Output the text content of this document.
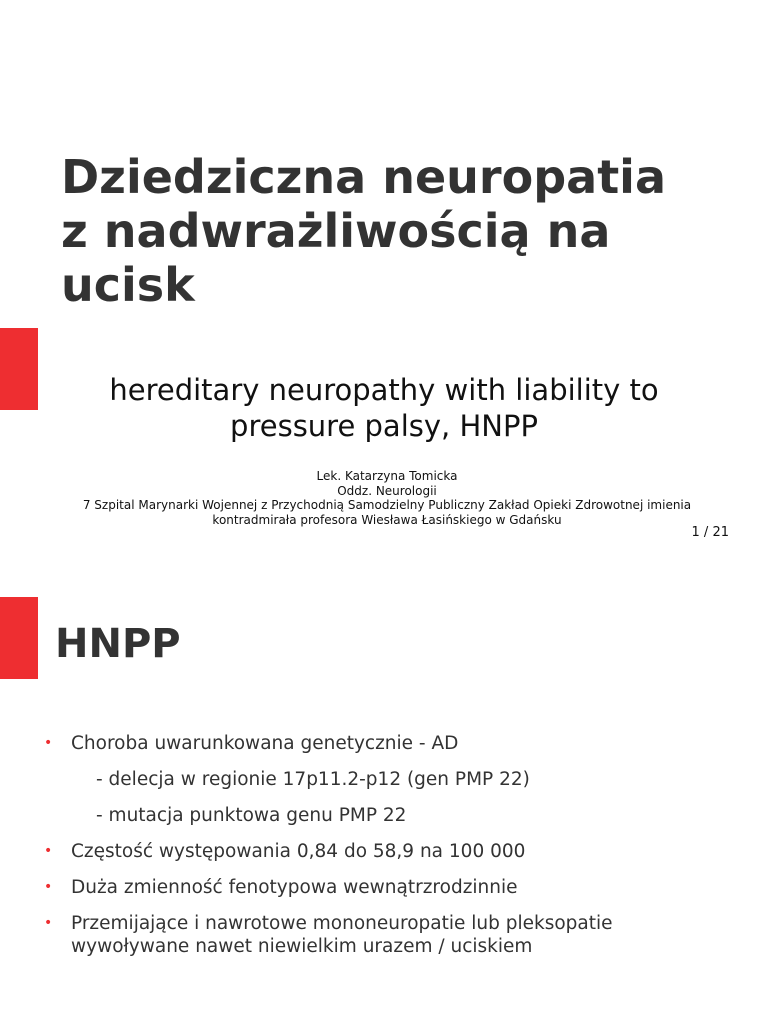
Dziedziczna neuropatia
z nadwrażliwością na
ucisk
hereditary neuropathy with liability to
pressure palsy, HNPP
Lek. Katarzyna Tomicka
Oddz. Neurologii
7 Szpital Marynarki Wojennej z Przychodnią Samodzielny Publiczny Zakład Opieki Zdrowotnej imienia
kontradmirała profesora Wiesława Łasińskiego w Gdańsku
1 / 21
HNPP
• Choroba uwarunkowana genetycznie - AD
- delecja w regionie 17p11.2-p12 (gen PMP 22)
- mutacja punktowa genu PMP 22
• Częstość występowania 0,84 do 58,9 na 100 000
• Duża zmienność fenotypowa wewnątrzrodzinnie
• Przemijające i nawrotowe mononeuropatie lub pleksopatie
wywoływane nawet niewielkim urazem / uciskiem
